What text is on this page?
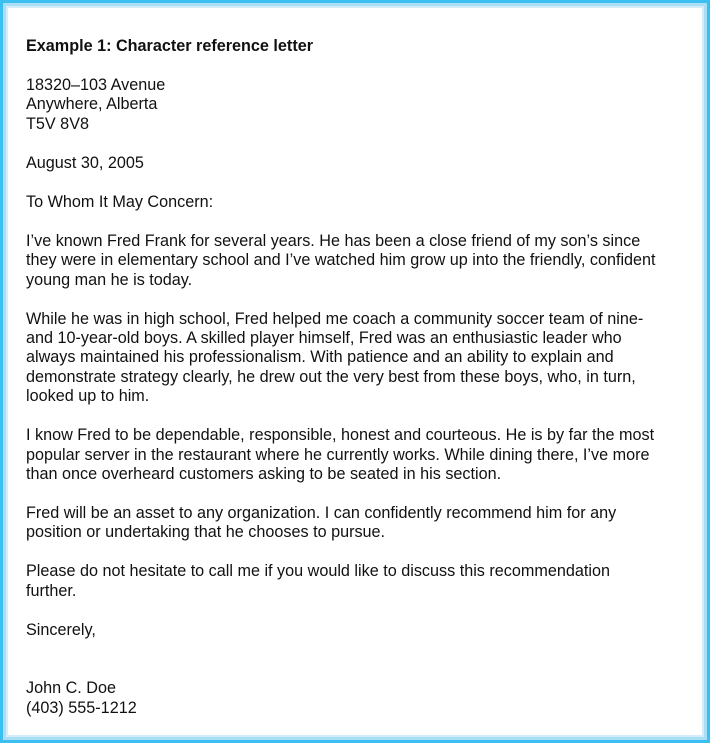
Example 1: Character reference letter
18320–103 Avenue
Anywhere, Alberta
T5V 8V8
August 30, 2005
To Whom It May Concern:
I’ve known Fred Frank for several years. He has been a close friend of my son’s since
they were in elementary school and I’ve watched him grow up into the friendly, confident
young man he is today.
While he was in high school, Fred helped me coach a community soccer team of nine-
and 10-year-old boys. A skilled player himself, Fred was an enthusiastic leader who
always maintained his professionalism. With patience and an ability to explain and
demonstrate strategy clearly, he drew out the very best from these boys, who, in turn,
looked up to him.
I know Fred to be dependable, responsible, honest and courteous. He is by far the most
popular server in the restaurant where he currently works. While dining there, I’ve more
than once overheard customers asking to be seated in his section.
Fred will be an asset to any organization. I can confidently recommend him for any
position or undertaking that he chooses to pursue.
Please do not hesitate to call me if you would like to discuss this recommendation
further.
Sincerely,
John C. Doe
(403) 555-1212
